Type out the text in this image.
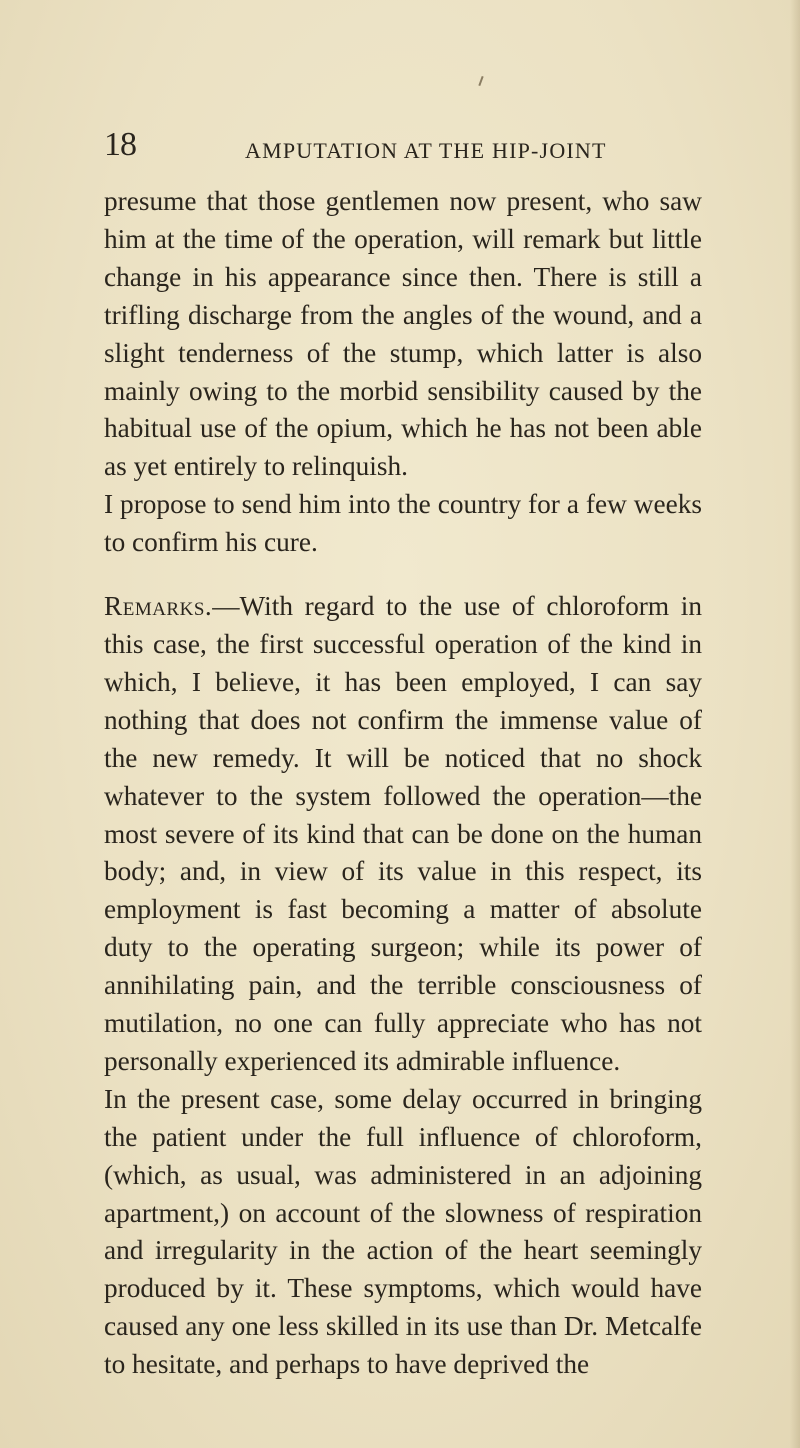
18	AMPUTATION AT THE HIP-JOINT

presume that those gentlemen now present, who saw him at the time of the operation, will remark but little change in his appearance since then. There is still a trifling discharge from the angles of the wound, and a slight tenderness of the stump, which latter is also mainly owing to the morbid sensibility caused by the habitual use of the opium, which he has not been able as yet entirely to relinquish.

I propose to send him into the country for a few weeks to confirm his cure.

Remarks.—With regard to the use of chloroform in this case, the first successful operation of the kind in which, I believe, it has been employed, I can say nothing that does not confirm the immense value of the new remedy. It will be noticed that no shock whatever to the system followed the operation—the most severe of its kind that can be done on the human body; and, in view of its value in this respect, its employment is fast becoming a matter of absolute duty to the operating surgeon; while its power of annihilating pain, and the terrible consciousness of mutilation, no one can fully appreciate who has not personally experienced its admirable influence.

In the present case, some delay occurred in bringing the patient under the full influence of chloroform, (which, as usual, was administered in an adjoining apartment,) on account of the slowness of respiration and irregularity in the action of the heart seemingly produced by it. These symptoms, which would have caused any one less skilled in its use than Dr. Metcalfe to hesitate, and perhaps to have deprived the
